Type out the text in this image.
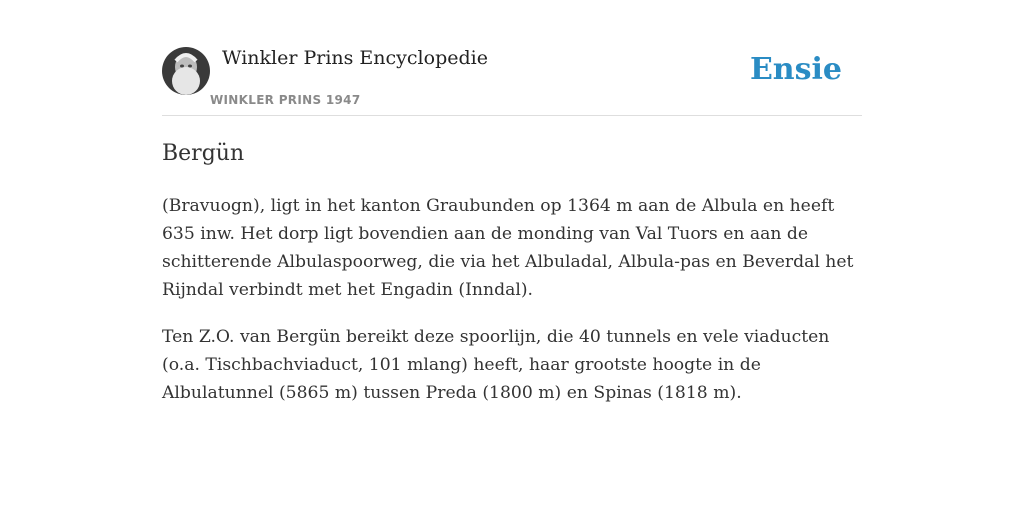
Winkler Prins Encyclopedie
WINKLER PRINS 1947
Ensie
Bergün

(Bravuogn), ligt in het kanton Graubunden op 1364 m aan de Albula en heeft 635 inw. Het dorp ligt bovendien aan de monding van Val Tuors en aan de schitterende Albulaspoorweg, die via het Albuladal, Albula-pas en Beverdal het Rijndal verbindt met het Engadin (Inndal).

Ten Z.O. van Bergün bereikt deze spoorlijn, die 40 tunnels en vele viaducten (o.a. Tischbachviaduct, 101 mlang) heeft, haar grootste hoogte in de Albulatunnel (5865 m) tussen Preda (1800 m) en Spinas (1818 m).
